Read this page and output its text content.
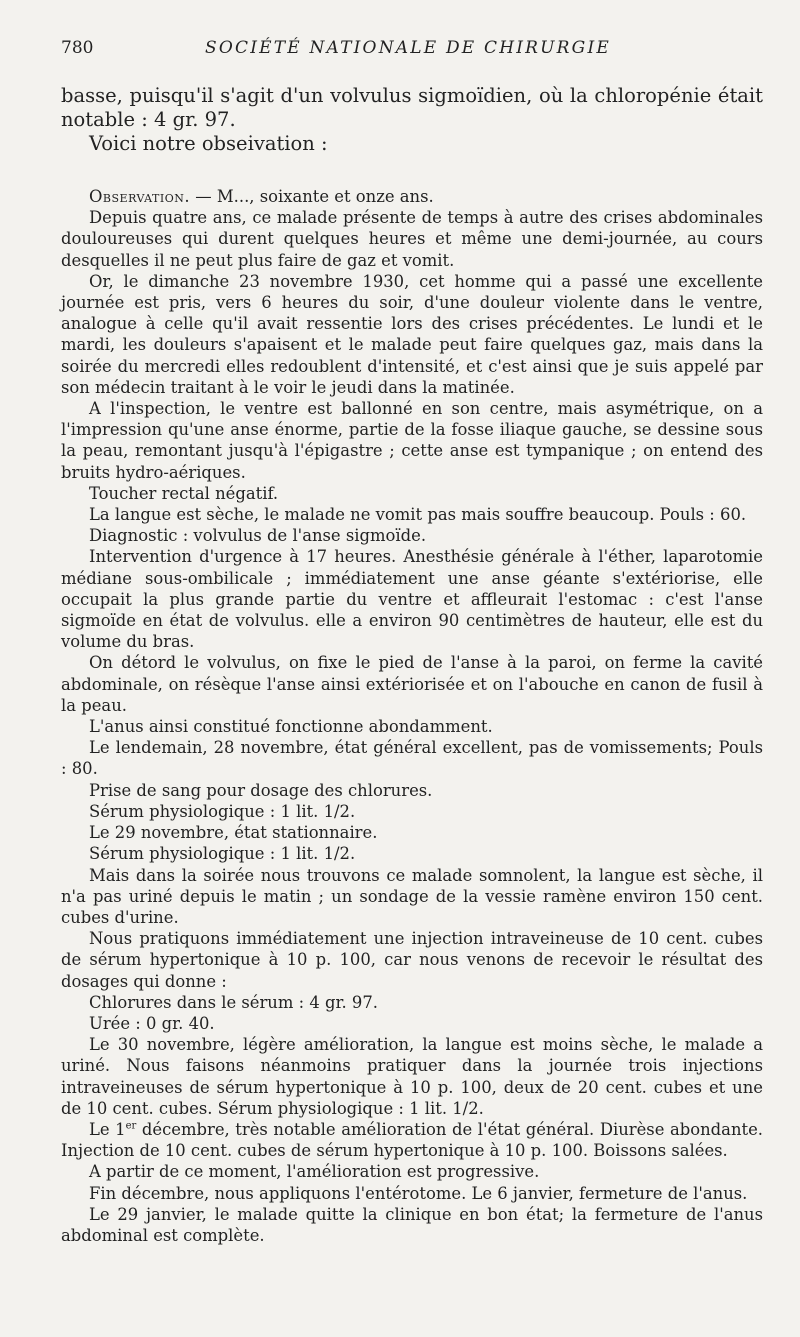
780	SOCIÉTÉ NATIONALE DE CHIRURGIE

basse, puisqu'il s'agit d'un volvulus sigmoïdien, où la chloropénie était notable : 4 gr. 97.

Voici notre obseivation :

Observation. — M..., soixante et onze ans.

Depuis quatre ans, ce malade présente de temps à autre des crises abdominales douloureuses qui durent quelques heures et même une demi-journée, au cours desquelles il ne peut plus faire de gaz et vomit.

Or, le dimanche 23 novembre 1930, cet homme qui a passé une excellente journée est pris, vers 6 heures du soir, d'une douleur violente dans le ventre, analogue à celle qu'il avait ressentie lors des crises précédentes. Le lundi et le mardi, les douleurs s'apaisent et le malade peut faire quelques gaz, mais dans la soirée du mercredi elles redoublent d'intensité, et c'est ainsi que je suis appelé par son médecin traitant à le voir le jeudi dans la matinée.

A l'inspection, le ventre est ballonné en son centre, mais asymétrique, on a l'impression qu'une anse énorme, partie de la fosse iliaque gauche, se dessine sous la peau, remontant jusqu'à l'épigastre ; cette anse est tympanique ; on entend des bruits hydro-aériques.

Toucher rectal négatif.

La langue est sèche, le malade ne vomit pas mais souffre beaucoup. Pouls : 60.

Diagnostic : volvulus de l'anse sigmoïde.

Intervention d'urgence à 17 heures. Anesthésie générale à l'éther, laparotomie médiane sous-ombilicale ; immédiatement une anse géante s'extériorise, elle occupait la plus grande partie du ventre et affleurait l'estomac : c'est l'anse sigmoïde en état de volvulus. elle a environ 90 centimètres de hauteur, elle est du volume du bras.

On détord le volvulus, on fixe le pied de l'anse à la paroi, on ferme la cavité abdominale, on résèque l'anse ainsi extériorisée et on l'abouche en canon de fusil à la peau.

L'anus ainsi constitué fonctionne abondamment.

Le lendemain, 28 novembre, état général excellent, pas de vomissements; Pouls : 80.

Prise de sang pour dosage des chlorures.

Sérum physiologique : 1 lit. 1/2.

Le 29 novembre, état stationnaire.

Sérum physiologique : 1 lit. 1/2.

Mais dans la soirée nous trouvons ce malade somnolent, la langue est sèche, il n'a pas uriné depuis le matin ; un sondage de la vessie ramène environ 150 cent. cubes d'urine.

Nous pratiquons immédiatement une injection intraveineuse de 10 cent. cubes de sérum hypertonique à 10 p. 100, car nous venons de recevoir le résultat des dosages qui donne :

Chlorures dans le sérum : 4 gr. 97.

Urée : 0 gr. 40.

Le 30 novembre, légère amélioration, la langue est moins sèche, le malade a uriné. Nous faisons néanmoins pratiquer dans la journée trois injections intraveineuses de sérum hypertonique à 10 p. 100, deux de 20 cent. cubes et une de 10 cent. cubes. Sérum physiologique : 1 lit. 1/2.

Le 1er décembre, très notable amélioration de l'état général. Diurèse abondante. Injection de 10 cent. cubes de sérum hypertonique à 10 p. 100. Boissons salées.

A partir de ce moment, l'amélioration est progressive.

Fin décembre, nous appliquons l'entérotome. Le 6 janvier, fermeture de l'anus.

Le 29 janvier, le malade quitte la clinique en bon état; la fermeture de l'anus abdominal est complète.
